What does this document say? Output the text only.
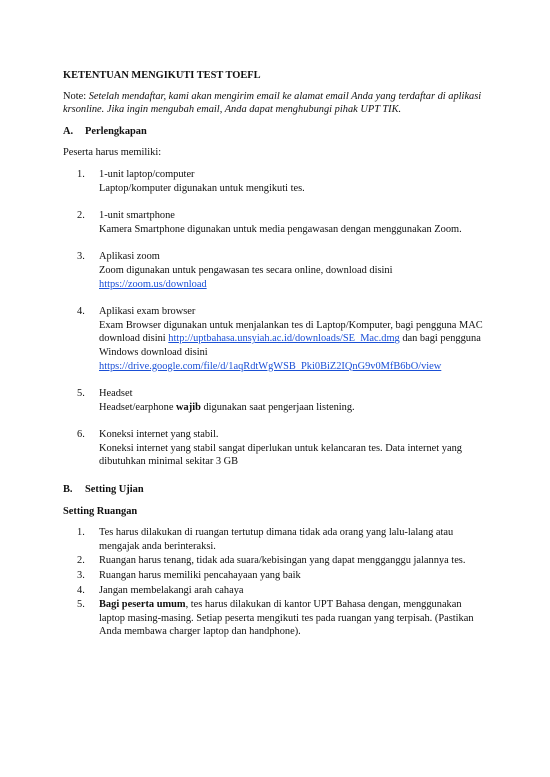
KETENTUAN MENGIKUTI TEST TOEFL
Note: Setelah mendaftar, kami akan mengirim email ke alamat email Anda yang terdaftar di aplikasi krsonline. Jika ingin mengubah email, Anda dapat menghubungi pihak UPT TIK.
A.	Perlengkapan
Peserta harus memiliki:
1.	1-unit laptop/computer
Laptop/komputer digunakan untuk mengikuti tes.
2.	1-unit smartphone
Kamera Smartphone digunakan untuk media pengawasan dengan menggunakan Zoom.
3.	Aplikasi zoom
Zoom digunakan untuk pengawasan tes secara online, download disini
https://zoom.us/download
4.	Aplikasi exam browser
Exam Browser digunakan untuk menjalankan tes di Laptop/Komputer, bagi pengguna MAC download disini http://uptbahasa.unsyiah.ac.id/downloads/SE_Mac.dmg dan bagi pengguna Windows download disini
https://drive.google.com/file/d/1aqRdtWgWSB_Pki0BiZ2IQnG9v0MfB6bO/view
5.	Headset
Headset/earphone wajib digunakan saat pengerjaan listening.
6.	Koneksi internet yang stabil.
Koneksi internet yang stabil sangat diperlukan untuk kelancaran tes. Data internet yang dibutuhkan minimal sekitar 3 GB
B.	Setting Ujian
Setting Ruangan
1.	Tes harus dilakukan di ruangan tertutup dimana tidak ada orang yang lalu-lalang atau mengajak anda berinteraksi.
2.	Ruangan harus tenang, tidak ada suara/kebisingan yang dapat mengganggu jalannya tes.
3.	Ruangan harus memiliki pencahayaan yang baik
4.	Jangan membelakangi arah cahaya
5.	Bagi peserta umum, tes harus dilakukan di kantor UPT Bahasa dengan, menggunakan laptop masing-masing. Setiap peserta mengikuti tes pada ruangan yang terpisah. (Pastikan Anda membawa charger laptop dan handphone).
